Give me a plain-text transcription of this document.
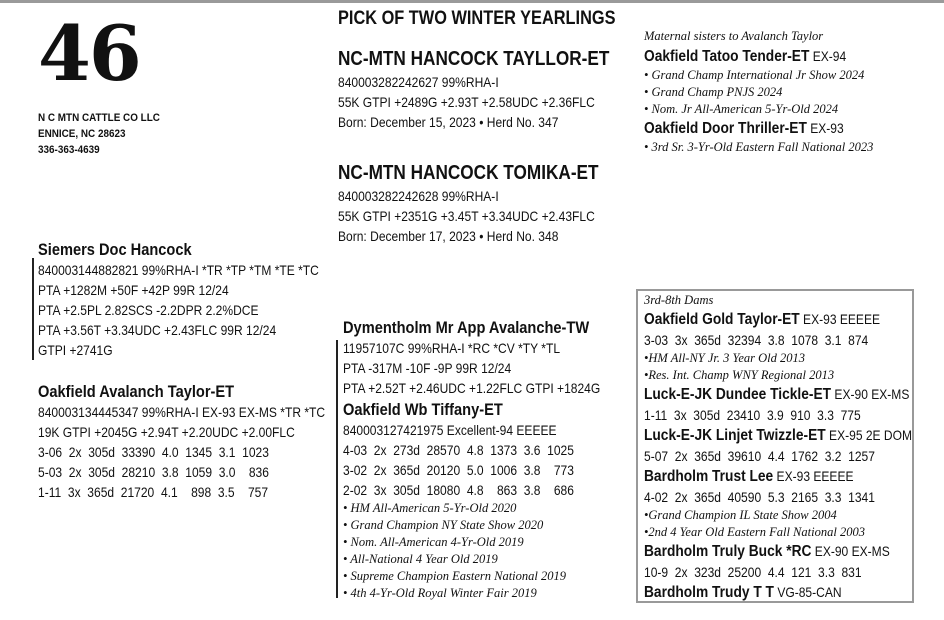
46
N C MTN CATTLE CO LLC
ENNICE, NC 28623
336-363-4639
PICK OF TWO WINTER YEARLINGS
NC-MTN HANCOCK TAYLLOR-ET
840003282242627 99%RHA-I
55K GTPI +2489G +2.93T +2.58UDC +2.36FLC
Born: December 15, 2023 • Herd No. 347
NC-MTN HANCOCK TOMIKA-ET
840003282242628 99%RHA-I
55K GTPI +2351G +3.45T +3.34UDC +2.43FLC
Born: December 17, 2023 • Herd No. 348
Maternal sisters to Avalanch Taylor
Oakfield Tatoo Tender-ET EX-94
• Grand Champ International Jr Show 2024
• Grand Champ PNJS 2024
• Nom. Jr All-American 5-Yr-Old 2024
Oakfield Door Thriller-ET EX-93
• 3rd Sr. 3-Yr-Old Eastern Fall National 2023
Siemers Doc Hancock
840003144882821 99%RHA-I *TR *TP *TM *TE *TC
PTA +1282M +50F +42P 99R 12/24
PTA +2.5PL 2.82SCS -2.2DPR 2.2%DCE
PTA +3.56T +3.34UDC +2.43FLC 99R 12/24
GTPI +2741G
Oakfield Avalanch Taylor-ET
840003134445347 99%RHA-I EX-93 EX-MS *TR *TC
19K GTPI +2045G +2.94T +2.20UDC +2.00FLC
3-06  2x  305d  33390  4.0  1345  3.1  1023
5-03  2x  305d  28210  3.8  1059  3.0    836
1-11  3x  365d  21720  4.1    898  3.5    757
Dymentholm Mr App Avalanche-TW
11957107C 99%RHA-I *RC *CV *TY *TL
PTA -317M -10F -9P 99R 12/24
PTA +2.52T +2.46UDC +1.22FLC GTPI +1824G
Oakfield Wb Tiffany-ET
840003127421975 Excellent-94 EEEEE
4-03  2x  273d  28570  4.8  1373  3.6  1025
3-02  2x  365d  20120  5.0  1006  3.8    773
2-02  3x  305d  18080  4.8    863  3.8    686
• HM All-American 5-Yr-Old 2020
• Grand Champion NY State Show 2020
• Nom. All-American 4-Yr-Old 2019
• All-National 4 Year Old 2019
• Supreme Champion Eastern National 2019
• 4th 4-Yr-Old Royal Winter Fair 2019
3rd-8th Dams
Oakfield Gold Taylor-ET EX-93 EEEEE
3-03  3x  365d  32394  3.8  1078  3.1  874
•HM All-NY Jr. 3 Year Old 2013
•Res. Int. Champ WNY Regional 2013
Luck-E-JK Dundee Tickle-ET EX-90 EX-MS
1-11  3x  305d  23410  3.9  910  3.3  775
Luck-E-JK Linjet Twizzle-ET EX-95 2E DOM
5-07  2x  365d  39610  4.4  1762  3.2  1257
Bardholm Trust Lee EX-93 EEEEE
4-02  2x  365d  40590  5.3  2165  3.3  1341
•Grand Champion IL State Show 2004
•2nd 4 Year Old Eastern Fall National 2003
Bardholm Truly Buck *RC EX-90 EX-MS
10-9  2x  323d  25200  4.4  121  3.3  831
Bardholm Trudy T T VG-85-CAN
